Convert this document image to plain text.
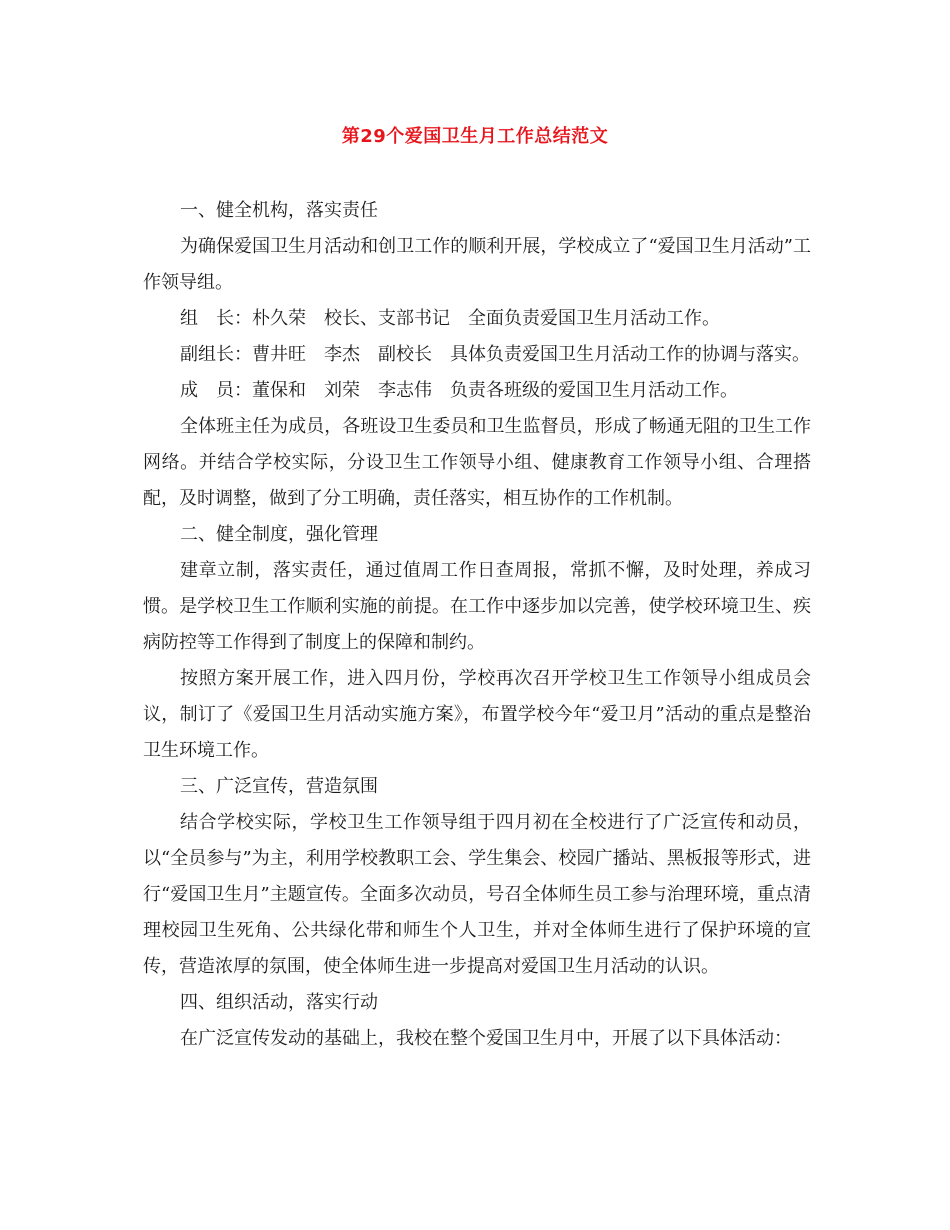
第29个爱国卫生月工作总结范文

一、健全机构，落实责任

为确保爱国卫生月活动和创卫工作的顺利开展，学校成立了“爱国卫生月活动”工作领导组。

组　长：朴久荣　校长、支部书记　全面负责爱国卫生月活动工作。

副组长：曹井旺　李杰　副校长　具体负责爱国卫生月活动工作的协调与落实。

成　员：董保和　刘荣　李志伟　负责各班级的爱国卫生月活动工作。

全体班主任为成员，各班设卫生委员和卫生监督员，形成了畅通无阻的卫生工作网络。并结合学校实际，分设卫生工作领导小组、健康教育工作领导小组、合理搭配，及时调整，做到了分工明确，责任落实，相互协作的工作机制。

二、健全制度，强化管理

建章立制，落实责任，通过值周工作日查周报，常抓不懈，及时处理，养成习惯。是学校卫生工作顺利实施的前提。在工作中逐步加以完善，使学校环境卫生、疾病防控等工作得到了制度上的保障和制约。

按照方案开展工作，进入四月份，学校再次召开学校卫生工作领导小组成员会议，制订了《爱国卫生月活动实施方案》，布置学校今年“爱卫月”活动的重点是整治卫生环境工作。

三、广泛宣传，营造氛围

结合学校实际，学校卫生工作领导组于四月初在全校进行了广泛宣传和动员，以“全员参与”为主，利用学校教职工会、学生集会、校园广播站、黑板报等形式，进行“爱国卫生月”主题宣传。全面多次动员，号召全体师生员工参与治理环境，重点清理校园卫生死角、公共绿化带和师生个人卫生，并对全体师生进行了保护环境的宣传，营造浓厚的氛围，使全体师生进一步提高对爱国卫生月活动的认识。

四、组织活动，落实行动

在广泛宣传发动的基础上，我校在整个爱国卫生月中，开展了以下具体活动：
